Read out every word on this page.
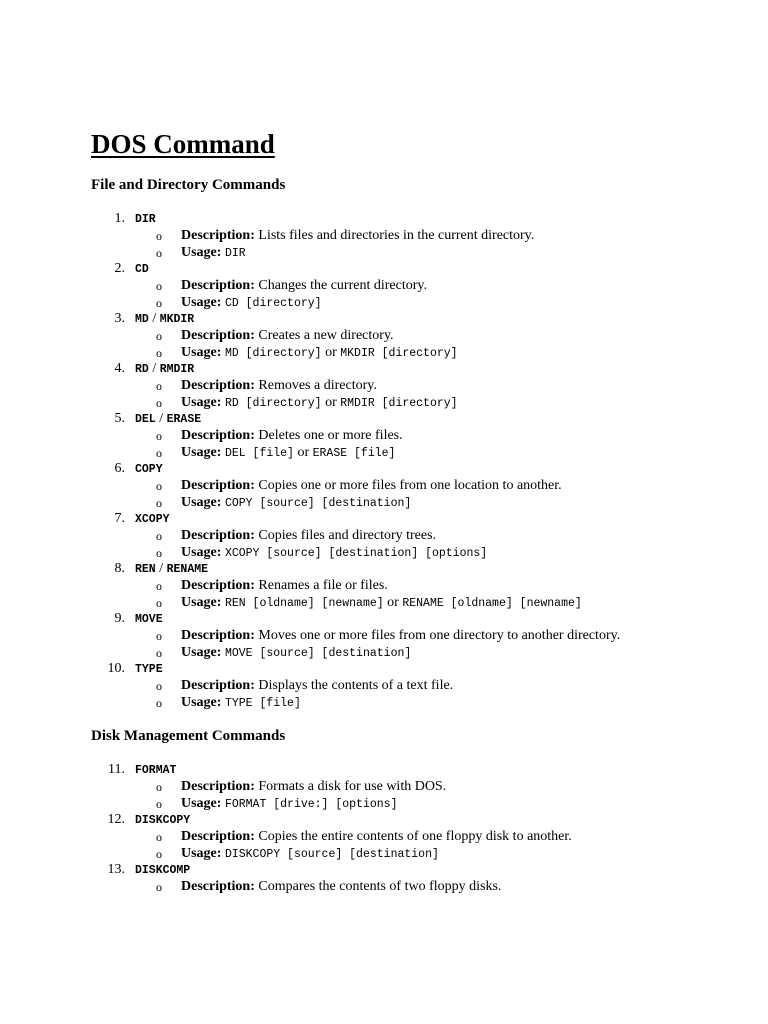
DOS Command
File and Directory Commands
1. DIR
o Description: Lists files and directories in the current directory.
o Usage: DIR
2. CD
o Description: Changes the current directory.
o Usage: CD [directory]
3. MD / MKDIR
o Description: Creates a new directory.
o Usage: MD [directory] or MKDIR [directory]
4. RD / RMDIR
o Description: Removes a directory.
o Usage: RD [directory] or RMDIR [directory]
5. DEL / ERASE
o Description: Deletes one or more files.
o Usage: DEL [file] or ERASE [file]
6. COPY
o Description: Copies one or more files from one location to another.
o Usage: COPY [source] [destination]
7. XCOPY
o Description: Copies files and directory trees.
o Usage: XCOPY [source] [destination] [options]
8. REN / RENAME
o Description: Renames a file or files.
o Usage: REN [oldname] [newname] or RENAME [oldname] [newname]
9. MOVE
o Description: Moves one or more files from one directory to another directory.
o Usage: MOVE [source] [destination]
10. TYPE
o Description: Displays the contents of a text file.
o Usage: TYPE [file]
Disk Management Commands
11. FORMAT
o Description: Formats a disk for use with DOS.
o Usage: FORMAT [drive:] [options]
12. DISKCOPY
o Description: Copies the entire contents of one floppy disk to another.
o Usage: DISKCOPY [source] [destination]
13. DISKCOMP
o Description: Compares the contents of two floppy disks.
